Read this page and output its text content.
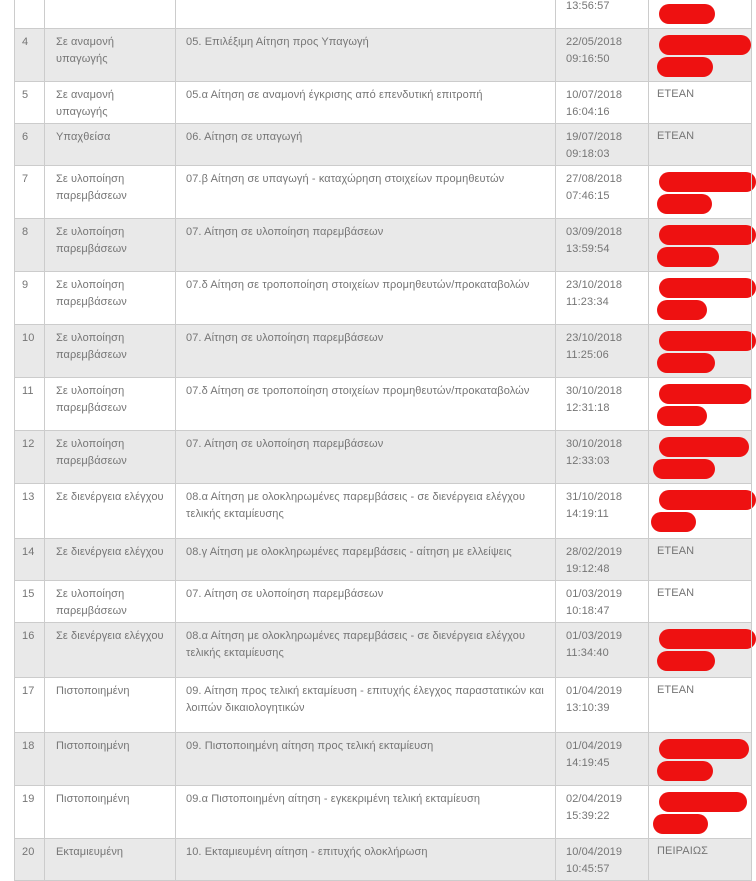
			13:56:57	

4	Σε αναμονή υπαγωγής	05. Επιλέξιμη Αίτηση προς Υπαγωγή	22/05/2018
09:16:50	

5	Σε αναμονή υπαγωγής	05.α Αίτηση σε αναμονή έγκρισης από επενδυτική επιτροπή	10/07/2018
16:04:16	ΕΤΕΑΝ
6	Υπαχθείσα	06. Αίτηση σε υπαγωγή	19/07/2018
09:18:03	ΕΤΕΑΝ
7	Σε υλοποίηση παρεμβάσεων	07.β Αίτηση σε υπαγωγή - καταχώρηση στοιχείων προμηθευτών	27/08/2018
07:46:15	

8	Σε υλοποίηση παρεμβάσεων	07. Αίτηση σε υλοποίηση παρεμβάσεων	03/09/2018
13:59:54	

9	Σε υλοποίηση παρεμβάσεων	07.δ Αίτηση σε τροποποίηση στοιχείων προμηθευτών/προκαταβολών	23/10/2018
11:23:34	

10	Σε υλοποίηση παρεμβάσεων	07. Αίτηση σε υλοποίηση παρεμβάσεων	23/10/2018
11:25:06	

11	Σε υλοποίηση παρεμβάσεων	07.δ Αίτηση σε τροποποίηση στοιχείων προμηθευτών/προκαταβολών	30/10/2018
12:31:18	

12	Σε υλοποίηση παρεμβάσεων	07. Αίτηση σε υλοποίηση παρεμβάσεων	30/10/2018
12:33:03	

13	Σε διενέργεια ελέγχου	08.α Αίτηση με ολοκληρωμένες παρεμβάσεις - σε διενέργεια ελέγχου τελικής εκταμίευσης	31/10/2018
14:19:11	

14	Σε διενέργεια ελέγχου	08.γ Αίτηση με ολοκληρωμένες παρεμβάσεις - αίτηση με ελλείψεις	28/02/2019
19:12:48	ΕΤΕΑΝ
15	Σε υλοποίηση παρεμβάσεων	07. Αίτηση σε υλοποίηση παρεμβάσεων	01/03/2019
10:18:47	ΕΤΕΑΝ
16	Σε διενέργεια ελέγχου	08.α Αίτηση με ολοκληρωμένες παρεμβάσεις - σε διενέργεια ελέγχου τελικής εκταμίευσης	01/03/2019
11:34:40	

17	Πιστοποιημένη	09. Αίτηση προς τελική εκταμίευση - επιτυχής έλεγχος παραστατικών και λοιπών δικαιολογητικών	01/04/2019
13:10:39	ΕΤΕΑΝ
18	Πιστοποιημένη	09. Πιστοποιημένη αίτηση προς τελική εκταμίευση	01/04/2019
14:19:45	

19	Πιστοποιημένη	09.α Πιστοποιημένη αίτηση - εγκεκριμένη τελική εκταμίευση	02/04/2019
15:39:22	

20	Εκταμιευμένη	10. Εκταμιευμένη αίτηση - επιτυχής ολοκλήρωση	10/04/2019
10:45:57	ΠΕΙΡΑΙΩΣ
